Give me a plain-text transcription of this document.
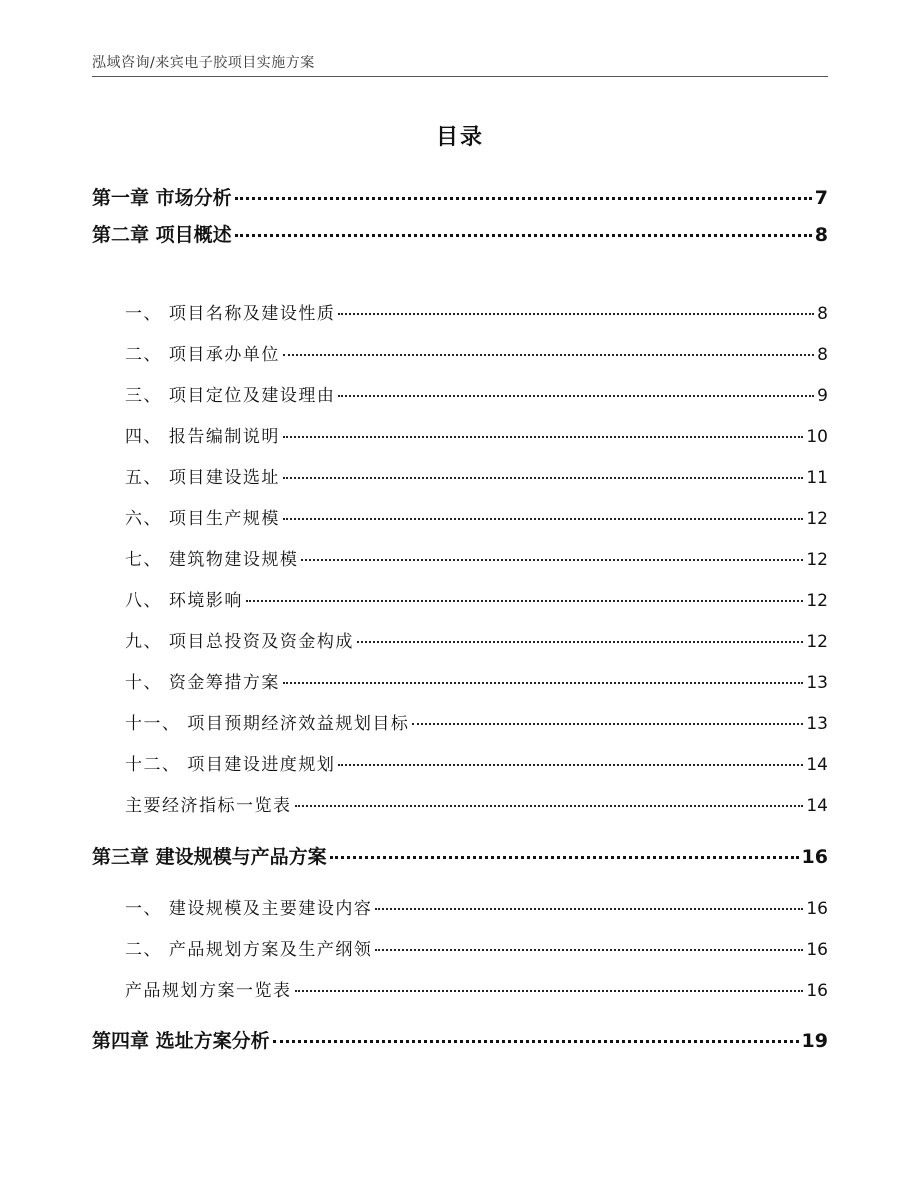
泓域咨询/来宾电子胶项目实施方案
目录
第一章 市场分析	7
第二章 项目概述	8
一、 项目名称及建设性质	8
二、 项目承办单位	8
三、 项目定位及建设理由	9
四、 报告编制说明	10
五、 项目建设选址	11
六、 项目生产规模	12
七、 建筑物建设规模	12
八、 环境影响	12
九、 项目总投资及资金构成	12
十、 资金筹措方案	13
十一、 项目预期经济效益规划目标	13
十二、 项目建设进度规划	14
主要经济指标一览表	14
第三章 建设规模与产品方案	16
一、 建设规模及主要建设内容	16
二、 产品规划方案及生产纲领	16
产品规划方案一览表	16
第四章 选址方案分析	19
